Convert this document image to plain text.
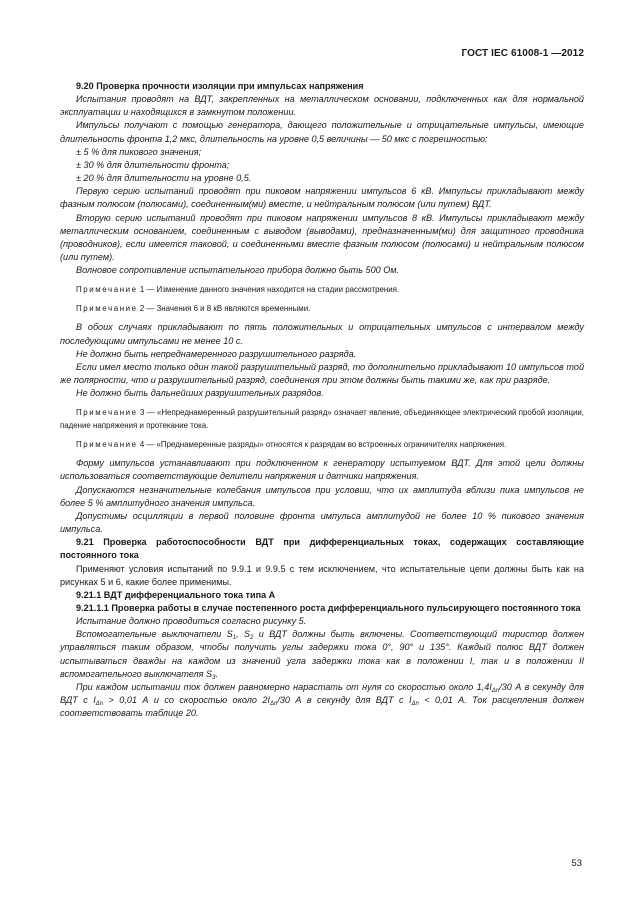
ГОСТ IEC 61008-1 —2012

9.20 Проверка прочности изоляции при импульсах напряжения

Испытания проводят на ВДТ, закрепленных на металлическом основании, подключенных как для нормальной эксплуатации и находящихся в замкнутом положении.

Импульсы получают с помощью генератора, дающего положительные и отрицательные импульсы, имеющие длительность фронта 1,2 мкс, длительность на уровне 0,5 величины — 50 мкс с погрешностью:

± 5 % для пикового значения;

± 30 % для длительности фронта;

± 20 % для длительности на уровне 0,5.

Первую серию испытаний проводят при пиковом напряжении импульсов 6 кВ. Импульсы прикладывают между фазным полюсом (полюсами), соединенным(ми) вместе, и нейтральным полюсом (или путем) ВДТ.

Вторую серию испытаний проводят при пиковом напряжении импульсов 8 кВ. Импульсы прикладывают между металлическим основанием, соединенным с выводом (выводами), предназначенным(ми) для защитного проводника (проводников), если имеется таковой, и соединенными вместе фазным полюсом (полюсами) и нейтральным полюсом (или путем).

Волновое сопротивление испытательного прибора должно быть 500 Ом.

Примечание 1 — Изменение данного значения находится на стадии рассмотрения.

Примечание 2 — Значения 6 и 8 кВ являются временными.

В обоих случаях прикладывают по пять положительных и отрицательных импульсов с интервалом между последующими импульсами не менее 10 с.

Не должно быть непреднамеренного разрушительного разряда.

Если имел место только один такой разрушительный разряд, то дополнительно прикладывают 10 импульсов той же полярности, что и разрушительный разряд, соединения при этом должны быть такими же, как при разряде.

Не должно быть дальнейших разрушительных разрядов.

Примечание 3 — «Непреднамеренный разрушительный разряд» означает явление, объединяющее электрический пробой изоляции, падение напряжения и протекание тока.

Примечание 4 — «Преднамеренные разряды» относятся к разрядам во встроенных ограничителях напряжения.

Форму импульсов устанавливают при подключенном к генератору испытуемом ВДТ. Для этой цели должны использоваться соответствующие делители напряжения и датчики напряжения.

Допускаются незначительные колебания импульсов при условии, что их амплитуда вблизи пика импульсов не более 5 % амплитудного значения импульса.

Допустимы осцилляции в первой половине фронта импульса амплитудой не более 10 % пикового значения импульса.

9.21 Проверка работоспособности ВДТ при дифференциальных токах, содержащих составляющие постоянного тока

Применяют условия испытаний по 9.9.1 и 9.9.5 с тем исключением, что испытательные цепи должны быть как на рисунках 5 и 6, какие более применимы.

9.21.1 ВДТ дифференциального тока типа А

9.21.1.1 Проверка работы в случае постепенного роста дифференциального пульсирующего постоянного тока

Испытание должно проводиться согласно рисунку 5.

Вспомогательные выключатели $S_1$, $S_2$ и ВДТ должны быть включены. Соответствующий тиристор должен управляться таким образом, чтобы получить углы задержки тока 0°, 90° и 135°. Каждый полюс ВДТ должен испытываться дважды на каждом из значений угла задержки тока как в положении I, так и в положении II вспомогательного выключателя $S_3$.

При каждом испытании ток должен равномерно нарастать от нуля со скоростью около $1,4I_{\Delta n}/30$ А в секунду для ВДТ с $I_{\Delta n} > 0,01$ А и со скоростью около $2I_{\Delta n}/30$ А в секунду для ВДТ с $I_{\Delta n} < 0,01$ А. Ток расцепления должен соответствовать таблице 20.

53
